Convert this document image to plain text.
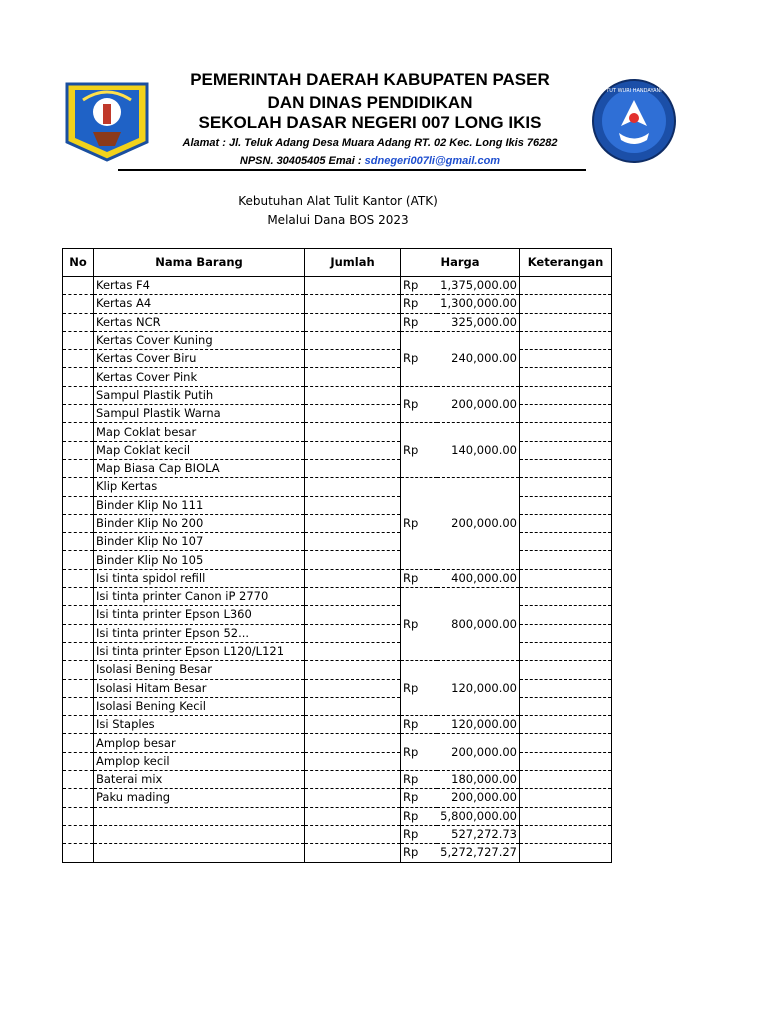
PEMERINTAH DAERAH KABUPATEN PASER
DAN DINAS PENDIDIKAN
SEKOLAH DASAR NEGERI 007 LONG IKIS
Alamat : Jl. Teluk Adang Desa Muara Adang RT. 02 Kec. Long Ikis 76282
NPSN. 30405405 Emai : sdnegeri007li@gmail.com
TUT WURI HANDAYANI
Kebutuhan Alat Tulit Kantor (ATK)
Melalui Dana BOS 2023
No	Nama Barang	Jumlah	Harga		Keterangan
	Kertas F4		Rp	1,375,000.00	
	Kertas A4		Rp	1,300,000.00	
	Kertas NCR		Rp	325,000.00	
	Kertas Cover Kuning		Rp	240,000.00	
	Kertas Cover Biru				
	Kertas Cover Pink				
	Sampul Plastik Putih		Rp	200,000.00	
	Sampul Plastik Warna				
	Map Coklat besar		Rp	140,000.00	
	Map Coklat kecil				
	Map Biasa Cap BIOLA				
	Klip Kertas		Rp	200,000.00	
	Binder Klip No 111				
	Binder Klip No 200				
	Binder Klip No 107				
	Binder Klip No 105				
	Isi tinta spidol refill		Rp	400,000.00	
	Isi tinta printer Canon iP 2770		Rp	800,000.00	
	Isi tinta printer Epson L360				
	Isi tinta printer Epson 52...				
	Isi tinta printer Epson L120/L121				
	Isolasi Bening Besar		Rp	120,000.00	
	Isolasi Hitam Besar				
	Isolasi Bening Kecil				
	Isi Staples		Rp	120,000.00	
	Amplop besar		Rp	200,000.00	
	Amplop kecil				
	Baterai mix		Rp	180,000.00	
	Paku mading		Rp	200,000.00	
			Rp	5,800,000.00	
			Rp	527,272.73	
			Rp	5,272,727.27	
